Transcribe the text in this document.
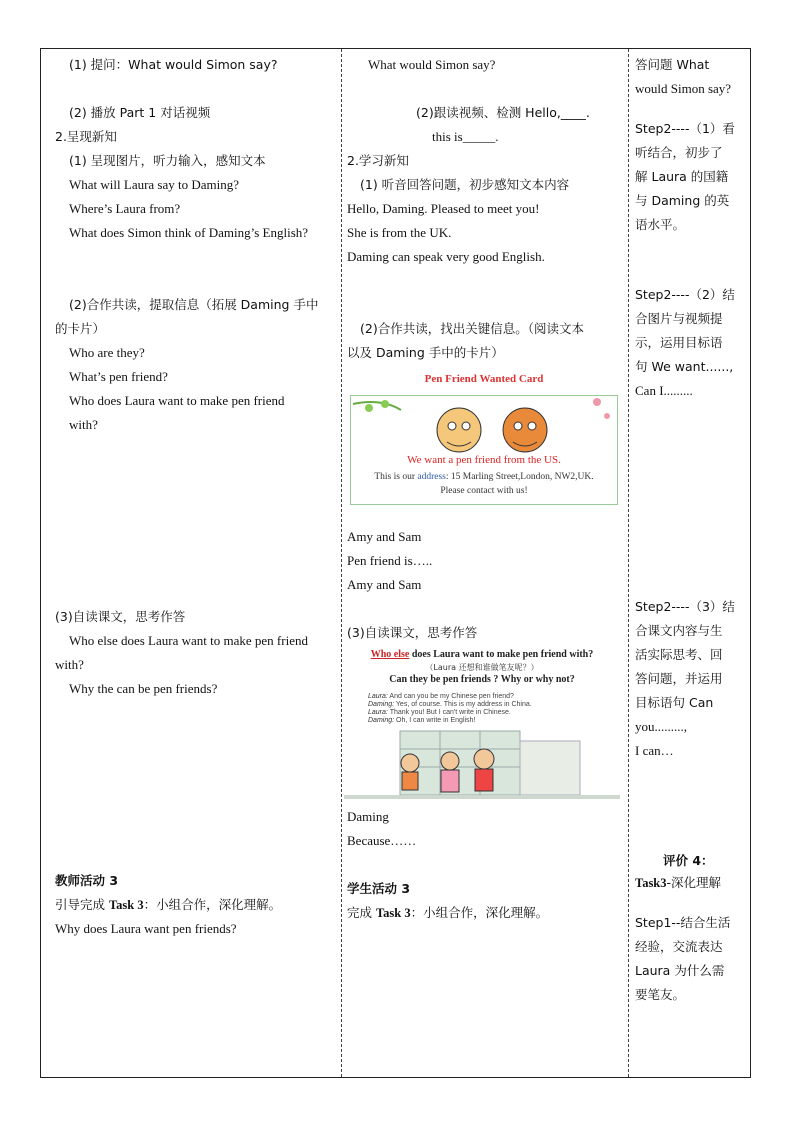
(1) 提问：What would Simon say?
(2) 播放 Part 1 对话视频
2.呈现新知
(1) 呈现图片，听力输入，感知文本
What will Laura say to Daming?
Where’s Laura from?
What does Simon think of Daming’s English?
(2)合作共读，提取信息（拓展 Daming 手中
的卡片）
Who are they?
What’s pen friend?
Who does Laura want to make pen friend
with?
(3)自读课文，思考作答
Who else does Laura want to make pen friend
with?
Why the can be pen friends?
教师活动 3
引导完成 Task 3：小组合作，深化理解。
Why does Laura want pen friends?
What would Simon say?
(2)跟读视频、检测 Hello,____.
this is_____.
2.学习新知
(1) 听音回答问题，初步感知文本内容
Hello, Daming. Pleased to meet you!
She is from the UK.
Daming can speak very good English.
(2)合作共读，找出关键信息。（阅读文本
以及 Daming 手中的卡片）
Pen Friend Wanted Card
We want a pen friend from the US.
This is our address: 15 Marling Street,London, NW2,UK.
Please contact with us!
Amy and Sam
Pen friend is…..
Amy and Sam
(3)自读课文，思考作答
Who else does Laura want to make pen friend with?
（Laura 还想和谁做笔友呢？）
Can they be pen friends ? Why or why not?
Laura: And can you be my Chinese pen friend?
Daming: Yes, of course. This is my address in China.
Laura: Thank you! But I can't write in Chinese.
Daming: Oh, I can write in English!
Daming
Because……
学生活动 3
完成 Task 3：小组合作，深化理解。
答问题 What
would Simon say?
Step2----（1）看
听结合，初步了
解 Laura 的国籍
与 Daming 的英
语水平。
Step2----（2）结
合图片与视频提
示，运用目标语
句 We want......,
Can I.........
Step2----（3）结
合课文内容与生
活实际思考、回
答问题，并运用
目标语句 Can
you.........,
I can…
评价 4：
Task3-深化理解
Step1--结合生活
经验，交流表达
Laura 为什么需
要笔友。
